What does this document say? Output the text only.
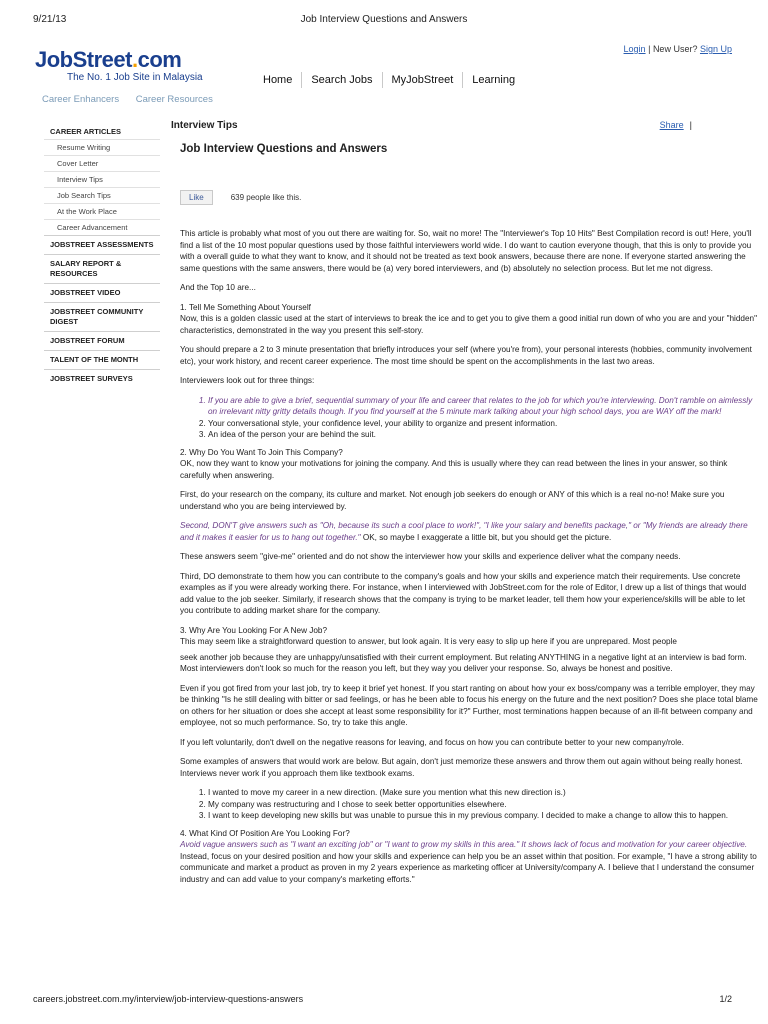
9/21/13	Job Interview Questions and Answers
JobStreet.com
The No. 1 Job Site in Malaysia
Login | New User? Sign Up
Home	Search Jobs	MyJobStreet	Learning
Career Enhancers Career Resources
CAREER ARTICLES
Resume Writing
Cover Letter
Interview Tips
Job Search Tips
At the Work Place
Career Advancement
JOBSTREET ASSESSMENTS
SALARY REPORT & RESOURCES
JOBSTREET VIDEO
JOBSTREET COMMUNITY DIGEST
JOBSTREET FORUM
TALENT OF THE MONTH
JOBSTREET SURVEYS
Interview Tips	Share |
Job Interview Questions and Answers
Like	639 people like this.

This article is probably what most of you out there are waiting for. So, wait no more! The "Interviewer's Top 10 Hits" Best Compilation record is out! Here, you'll find a list of the 10 most popular questions used by those faithful interviewers world wide. I do want to caution everyone though, that this is only to provide you with a overall guide to what they want to know, and it should not be treated as text book answers, because there are none. If everyone started answering the same questions with the same answers, there would be (a) very bored interviewers, and (b) absolutely no selection process. But let me not digress.

And the Top 10 are...

1. Tell Me Something About Yourself

Now, this is a golden classic used at the start of interviews to break the ice and to get you to give them a good initial run down of who you are and your "hidden" characteristics, demonstrated in the way you present this self-story.

You should prepare a 2 to 3 minute presentation that briefly introduces your self (where you're from), your personal interests (hobbies, community involvement etc), your work history, and recent career experience. The most time should be spent on the accomplishments in the last two areas.

Interviewers look out for three things:

1. If you are able to give a brief, sequential summary of your life and career that relates to the job for which you're interviewing. Don't ramble on aimlessly on irrelevant nitty gritty details though. If you find yourself at the 5 minute mark talking about your high school days, you are WAY off the mark!
2. Your conversational style, your confidence level, your ability to organize and present information.
3. An idea of the person your are behind the suit.
2. Why Do You Want To Join This Company?

OK, now they want to know your motivations for joining the company. And this is usually where they can read between the lines in your answer, so think carefully when answering.

First, do your research on the company, its culture and market. Not enough job seekers do enough or ANY of this which is a real no-no! Make sure you understand who you are being interviewed by.

Second, DON'T give answers such as "Oh, because its such a cool place to work!", "I like your salary and benefits package," or "My friends are already there and it makes it easier for us to hang out together." OK, so maybe I exaggerate a little bit, but you should get the picture.

These answers seem "give-me" oriented and do not show the interviewer how your skills and experience deliver what the company needs.

Third, DO demonstrate to them how you can contribute to the company's goals and how your skills and experience match their requirements. Use concrete examples as if you were already working there. For instance, when I interviewed with JobStreet.com for the role of Editor, I drew up a list of things that would add value to the job seeker. Similarly, if research shows that the company is trying to be market leader, tell them how your experience/skills will be able to let you contribute to adding market share for the company.

3. Why Are You Looking For A New Job?
This may seem like a straightforward question to answer, but look again. It is very easy to slip up here if you are unprepared. Most people

seek another job because they are unhappy/unsatisfied with their current employment. But relating ANYTHING in a negative light at an interview is bad form. Most interviewers don't look so much for the reason you left, but they way you deliver your response. So, always be honest and positive.

Even if you got fired from your last job, try to keep it brief yet honest. If you start ranting on about how your ex boss/company was a terrible employer, they may be thinking "Is he still dealing with bitter or sad feelings, or has he been able to focus his energy on the future and the next position? Does she place total blame on others for her situation or does she accept at least some responsibility for it?" Further, most terminations happen because of an ill-fit between company and employee, not so much performance. So, try to take this angle.

If you left voluntarily, don't dwell on the negative reasons for leaving, and focus on how you can contribute better to your new company/role.

Some examples of answers that would work are below. But again, don't just memorize these answers and throw them out again without being really honest. Interviews never work if you approach them like textbook exams.

1. I wanted to move my career in a new direction. (Make sure you mention what this new direction is.)
2. My company was restructuring and I chose to seek better opportunities elsewhere.
3. I want to keep developing new skills but was unable to pursue this in my previous company. I decided to make a change to allow this to happen.
4. What Kind Of Position Are You Looking For?

Avoid vague answers such as "I want an exciting job" or "I want to grow my skills in this area." It shows lack of focus and motivation for your career objective. Instead, focus on your desired position and how your skills and experience can help you be an asset within that position. For example, "I have a strong ability to communicate and market a product as proven in my 2 years experience as marketing officer at University/company A. I believe that I understand the consumer industry and can add value to your company's marketing efforts."

careers.jobstreet.com.my/interview/job-interview-questions-answers	1/2
